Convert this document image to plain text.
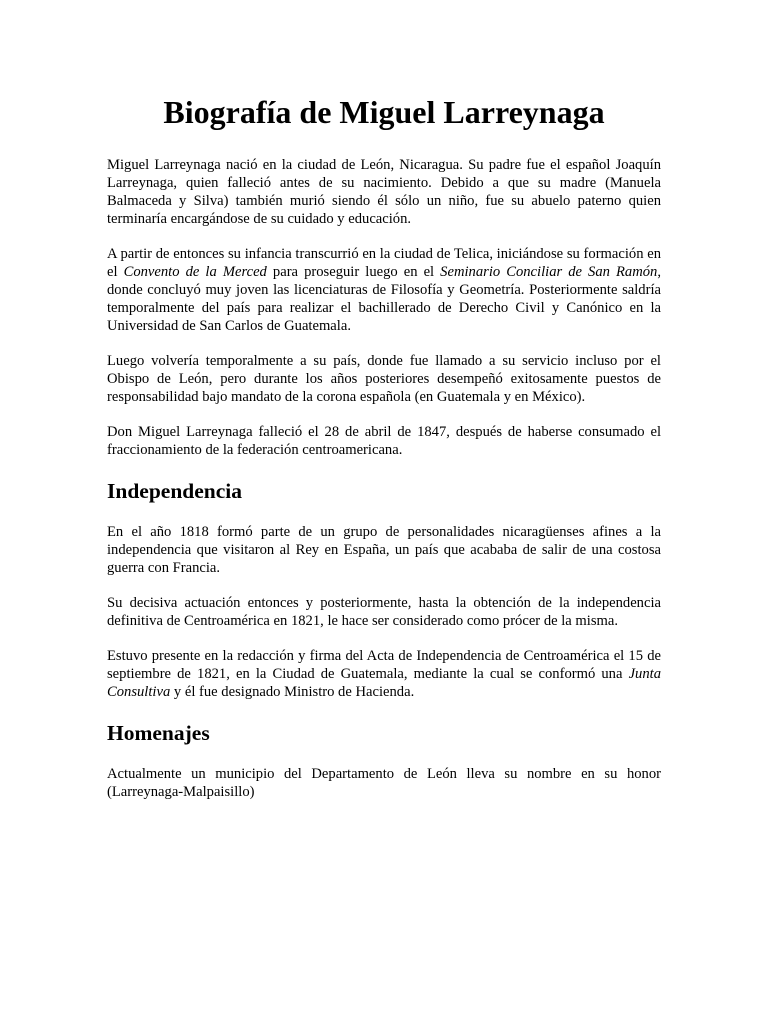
Biografía de Miguel Larreynaga

Miguel Larreynaga nació en la ciudad de León, Nicaragua. Su padre fue el español Joaquín Larreynaga, quien falleció antes de su nacimiento. Debido a que su madre (Manuela Balmaceda y Silva) también murió siendo él sólo un niño, fue su abuelo paterno quien terminaría encargándose de su cuidado y educación.

A partir de entonces su infancia transcurrió en la ciudad de Telica, iniciándose su formación en el Convento de la Merced para proseguir luego en el Seminario Conciliar de San Ramón, donde concluyó muy joven las licenciaturas de Filosofía y Geometría. Posteriormente saldría temporalmente del país para realizar el bachillerado de Derecho Civil y Canónico en la Universidad de San Carlos de Guatemala.

Luego volvería temporalmente a su país, donde fue llamado a su servicio incluso por el Obispo de León, pero durante los años posteriores desempeñó exitosamente puestos de responsabilidad bajo mandato de la corona española (en Guatemala y en México).

Don Miguel Larreynaga falleció el 28 de abril de 1847, después de haberse consumado el fraccionamiento de la federación centroamericana.

Independencia

En el año 1818 formó parte de un grupo de personalidades nicaragüenses afines a la independencia que visitaron al Rey en España, un país que acababa de salir de una costosa guerra con Francia.

Su decisiva actuación entonces y posteriormente, hasta la obtención de la independencia definitiva de Centroamérica en 1821, le hace ser considerado como prócer de la misma.

Estuvo presente en la redacción y firma del Acta de Independencia de Centroamérica el 15 de septiembre de 1821, en la Ciudad de Guatemala, mediante la cual se conformó una Junta Consultiva y él fue designado Ministro de Hacienda.

Homenajes

Actualmente un municipio del Departamento de León lleva su nombre en su honor (Larreynaga-Malpaisillo)
